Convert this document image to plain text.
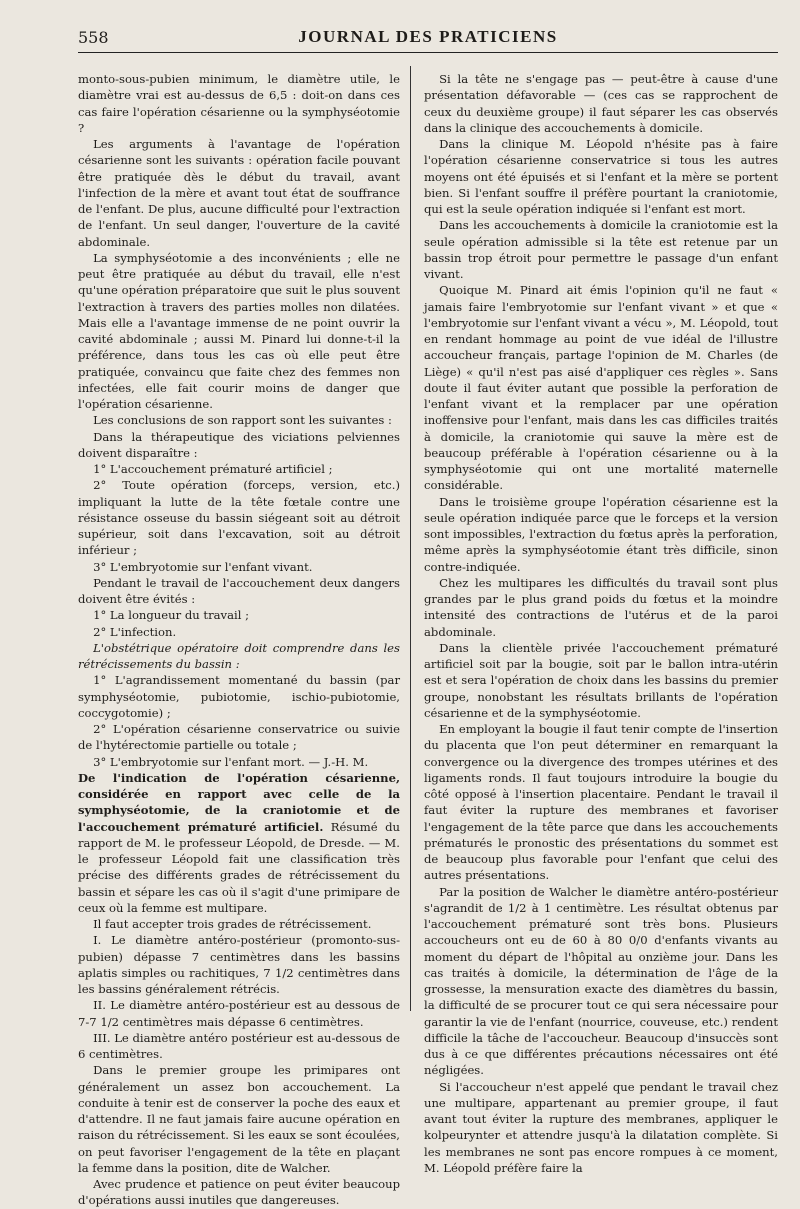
558	JOURNAL DES PRATICIENS

monto-sous-pubien minimum, le diamètre utile, le diamètre vrai est au-dessus de 6,5 : doit-on dans ces cas faire l'opération césarienne ou la symphyséotomie ?

Les arguments à l'avantage de l'opération césarienne sont les suivants : opération facile pouvant être pratiquée dès le début du travail, avant l'infection de la mère et avant tout état de souffrance de l'enfant. De plus, aucune difficulté pour l'extraction de l'enfant. Un seul danger, l'ouverture de la cavité abdominale.

La symphyséotomie a des inconvénients ; elle ne peut être pratiquée au début du travail, elle n'est qu'une opération préparatoire que suit le plus souvent l'extraction à travers des parties molles non dilatées. Mais elle a l'avantage immense de ne point ouvrir la cavité abdominale ; aussi M. Pinard lui donne-t-il la préférence, dans tous les cas où elle peut être pratiquée, convaincu que faite chez des femmes non infectées, elle fait courir moins de danger que l'opération césarienne.

Les conclusions de son rapport sont les suivantes :

Dans la thérapeutique des viciations pelviennes doivent disparaître :

1° L'accouchement prématuré artificiel ;

2° Toute opération (forceps, version, etc.) impliquant la lutte de la tête fœtale contre une résistance osseuse du bassin siégeant soit au détroit supérieur, soit dans l'excavation, soit au détroit inférieur ;

3° L'embryotomie sur l'enfant vivant.

Pendant le travail de l'accouchement deux dangers doivent être évités :

1° La longueur du travail ;

2° L'infection.

L'obstétrique opératoire doit comprendre dans les rétrécissements du bassin :

1° L'agrandissement momentané du bassin (par symphyséotomie, pubiotomie, ischio-pubiotomie, coccygotomie) ;

2° L'opération césarienne conservatrice ou suivie de l'hytérectomie partielle ou totale ;

3° L'embryotomie sur l'enfant mort. — J.-H. M.

De l'indication de l'opération césarienne, considérée en rapport avec celle de la symphyséotomie, de la craniotomie et de l'accouchement prématuré artificiel. Résumé du rapport de M. le professeur Léopold, de Dresde. — M. le professeur Léopold fait une classification très précise des différents grades de rétrécissement du bassin et sépare les cas où il s'agit d'une primipare de ceux où la femme est multipare.

Il faut accepter trois grades de rétrécissement.

I. Le diamètre antéro-postérieur (promonto-sus-pubien) dépasse 7 centimètres dans les bassins aplatis simples ou rachitiques, 7 1/2 centimètres dans les bassins généralement rétrécis.

II. Le diamètre antéro-postérieur est au dessous de 7-7 1/2 centimètres mais dépasse 6 centimètres.

III. Le diamètre antéro postérieur est au-dessous de 6 centimètres.

Dans le premier groupe les primipares ont généralement un assez bon accouchement. La conduite à tenir est de conserver la poche des eaux et d'attendre. Il ne faut jamais faire aucune opération en raison du rétrécissement. Si les eaux se sont écoulées, on peut favoriser l'engagement de la tête en plaçant la femme dans la position, dite de Walcher.

Avec prudence et patience on peut éviter beaucoup d'opérations aussi inutiles que dangereuses.

Si la tête ne s'engage pas — peut-être à cause d'une présentation défavorable — (ces cas se rapprochent de ceux du deuxième groupe) il faut séparer les cas observés dans la clinique des accouchements à domicile.

Dans la clinique M. Léopold n'hésite pas à faire l'opération césarienne conservatrice si tous les autres moyens ont été épuisés et si l'enfant et la mère se portent bien. Si l'enfant souffre il préfère pourtant la craniotomie, qui est la seule opération indiquée si l'enfant est mort.

Dans les accouchements à domicile la craniotomie est la seule opération admissible si la tête est retenue par un bassin trop étroit pour permettre le passage d'un enfant vivant.

Quoique M. Pinard ait émis l'opinion qu'il ne faut « jamais faire l'embryotomie sur l'enfant vivant » et que « l'embryotomie sur l'enfant vivant a vécu », M. Léopold, tout en rendant hommage au point de vue idéal de l'illustre accoucheur français, partage l'opinion de M. Charles (de Liège) « qu'il n'est pas aisé d'appliquer ces règles ». Sans doute il faut éviter autant que possible la perforation de l'enfant vivant et la remplacer par une opération inoffensive pour l'enfant, mais dans les cas difficiles traités à domicile, la craniotomie qui sauve la mère est de beaucoup préférable à l'opération césarienne ou à la symphyséotomie qui ont une mortalité maternelle considérable.

Dans le troisième groupe l'opération césarienne est la seule opération indiquée parce que le forceps et la version sont impossibles, l'extraction du fœtus après la perforation, même après la symphyséotomie étant très difficile, sinon contre-indiquée.

Chez les multipares les difficultés du travail sont plus grandes par le plus grand poids du fœtus et la moindre intensité des contractions de l'utérus et de la paroi abdominale.

Dans la clientèle privée l'accouchement prématuré artificiel soit par la bougie, soit par le ballon intra-utérin est et sera l'opération de choix dans les bassins du premier groupe, nonobstant les résultats brillants de l'opération césarienne et de la symphyséotomie.

En employant la bougie il faut tenir compte de l'insertion du placenta que l'on peut déterminer en remarquant la convergence ou la divergence des trompes utérines et des ligaments ronds. Il faut toujours introduire la bougie du côté opposé à l'insertion placentaire. Pendant le travail il faut éviter la rupture des membranes et favoriser l'engagement de la tête parce que dans les accouchements prématurés le pronostic des présentations du sommet est de beaucoup plus favorable pour l'enfant que celui des autres présentations.

Par la position de Walcher le diamètre antéro-postérieur s'agrandit de 1/2 à 1 centimètre. Les résultat obtenus par l'accouchement prématuré sont très bons. Plusieurs accoucheurs ont eu de 60 à 80 0/0 d'enfants vivants au moment du départ de l'hôpital au onzième jour. Dans les cas traités à domicile, la détermination de l'âge de la grossesse, la mensuration exacte des diamètres du bassin, la difficulté de se procurer tout ce qui sera nécessaire pour garantir la vie de l'enfant (nourrice, couveuse, etc.) rendent difficile la tâche de l'accoucheur. Beaucoup d'insuccès sont dus à ce que différentes précautions nécessaires ont été négligées.

Si l'accoucheur n'est appelé que pendant le travail chez une multipare, appartenant au premier groupe, il faut avant tout éviter la rupture des membranes, appliquer le kolpeurynter et attendre jusqu'à la dilatation complète. Si les membranes ne sont pas encore rompues à ce moment, M. Léopold préfère faire la
